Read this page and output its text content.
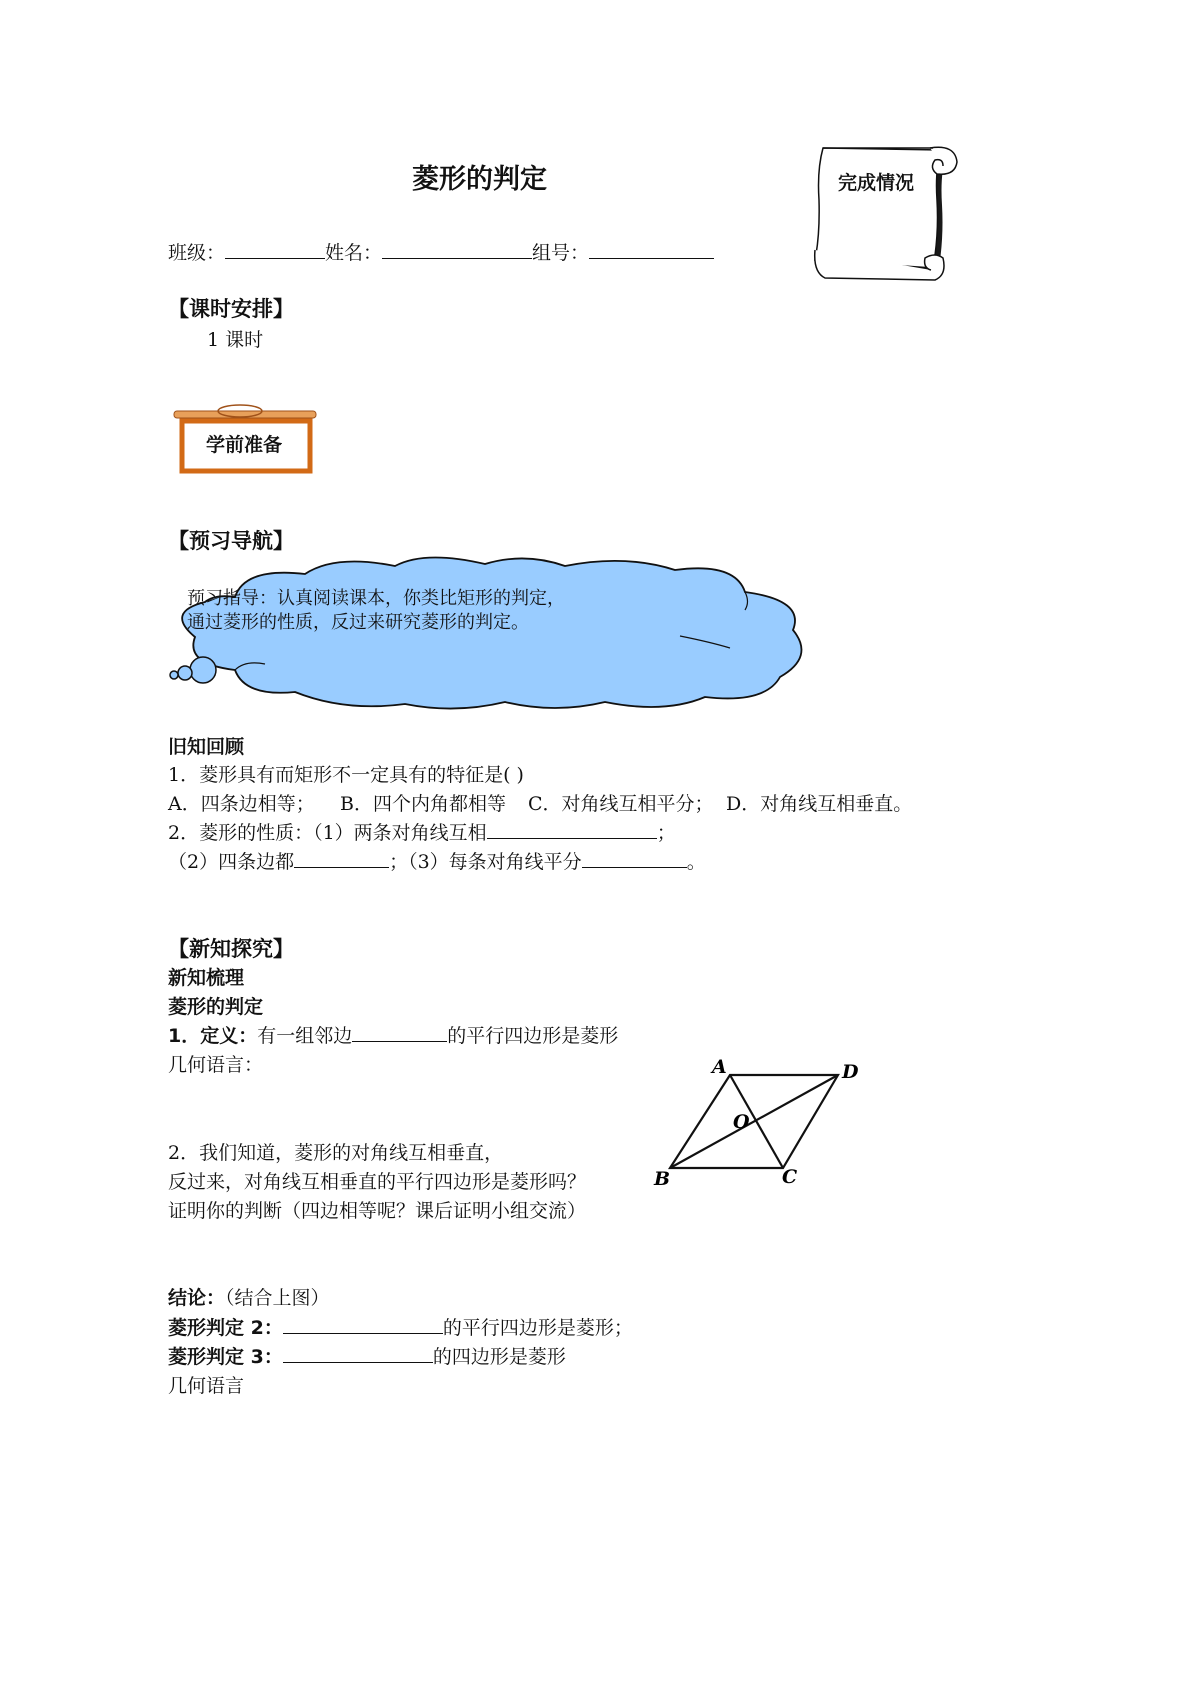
菱形的判定	完成情况
班级：	姓名：	组号：
【课时安排】
1 课时
学前准备
【预习导航】
预习指导：认真阅读课本，你类比矩形的判定，
通过菱形的性质，反过来研究菱形的判定。
旧知回顾
1．菱形具有而矩形不一定具有的特征是( )
A．四条边相等； B．四个内角都相等 C．对角线互相平分； D．对角线互相垂直。
2．菱形的性质：（1）两条对角线互相	；
（2）四条边都	；（3）每条对角线平分	。
【新知探究】
新知梳理
菱形的判定
1．定义：有一组邻边	的平行四边形是菱形
几何语言：
2．我们知道，菱形的对角线互相垂直，
反过来，对角线互相垂直的平行四边形是菱形吗？
证明你的判断（四边相等呢？课后证明小组交流）
A	D
O
B	C
结论：（结合上图）
菱形判定 2：	的平行四边形是菱形；
菱形判定 3：	的四边形是菱形
几何语言
